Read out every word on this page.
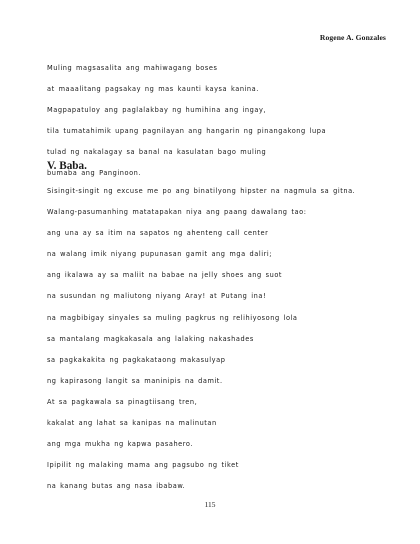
Rogene A. Gonzales
Muling magsasalita ang mahiwagang boses
at maaalitang pagsakay ng mas kaunti kaysa kanina.
Magpapatuloy ang paglalakbay ng humihina ang ingay,
tila tumatahimik upang pagnilayan ang hangarin ng pinangakong lupa
tulad ng nakalagay sa banal na kasulatan bago muling
bumaba ang Panginoon.
V. Baba.
Sisingit-singit ng excuse me po ang binatilyong hipster na nagmula sa gitna.
Walang-pasumanhing matatapakan niya ang paang dawalang tao:
ang una ay sa itim na sapatos ng ahenteng call center
na walang imik niyang pupunasan gamit ang mga daliri;
ang ikalawa ay sa maliit na babae na jelly shoes ang suot
na susundan ng maliutong niyang Aray! at Putang ina!
na magbibigay sinyales sa muling pagkrus ng relihiyosong lola
sa mantalang magkakasala ang lalaking nakashades
sa pagkakakita ng pagkakataong makasulyap
ng kapirasong langit sa maninipis na damit.
At sa pagkawala sa pinagtiisang tren,
kakalat ang lahat sa kanipas na malinutan
ang mga mukha ng kapwa pasahero.
Ipipilit ng malaking mama ang pagsubo ng tiket
na kanang butas ang nasa ibabaw.
115
